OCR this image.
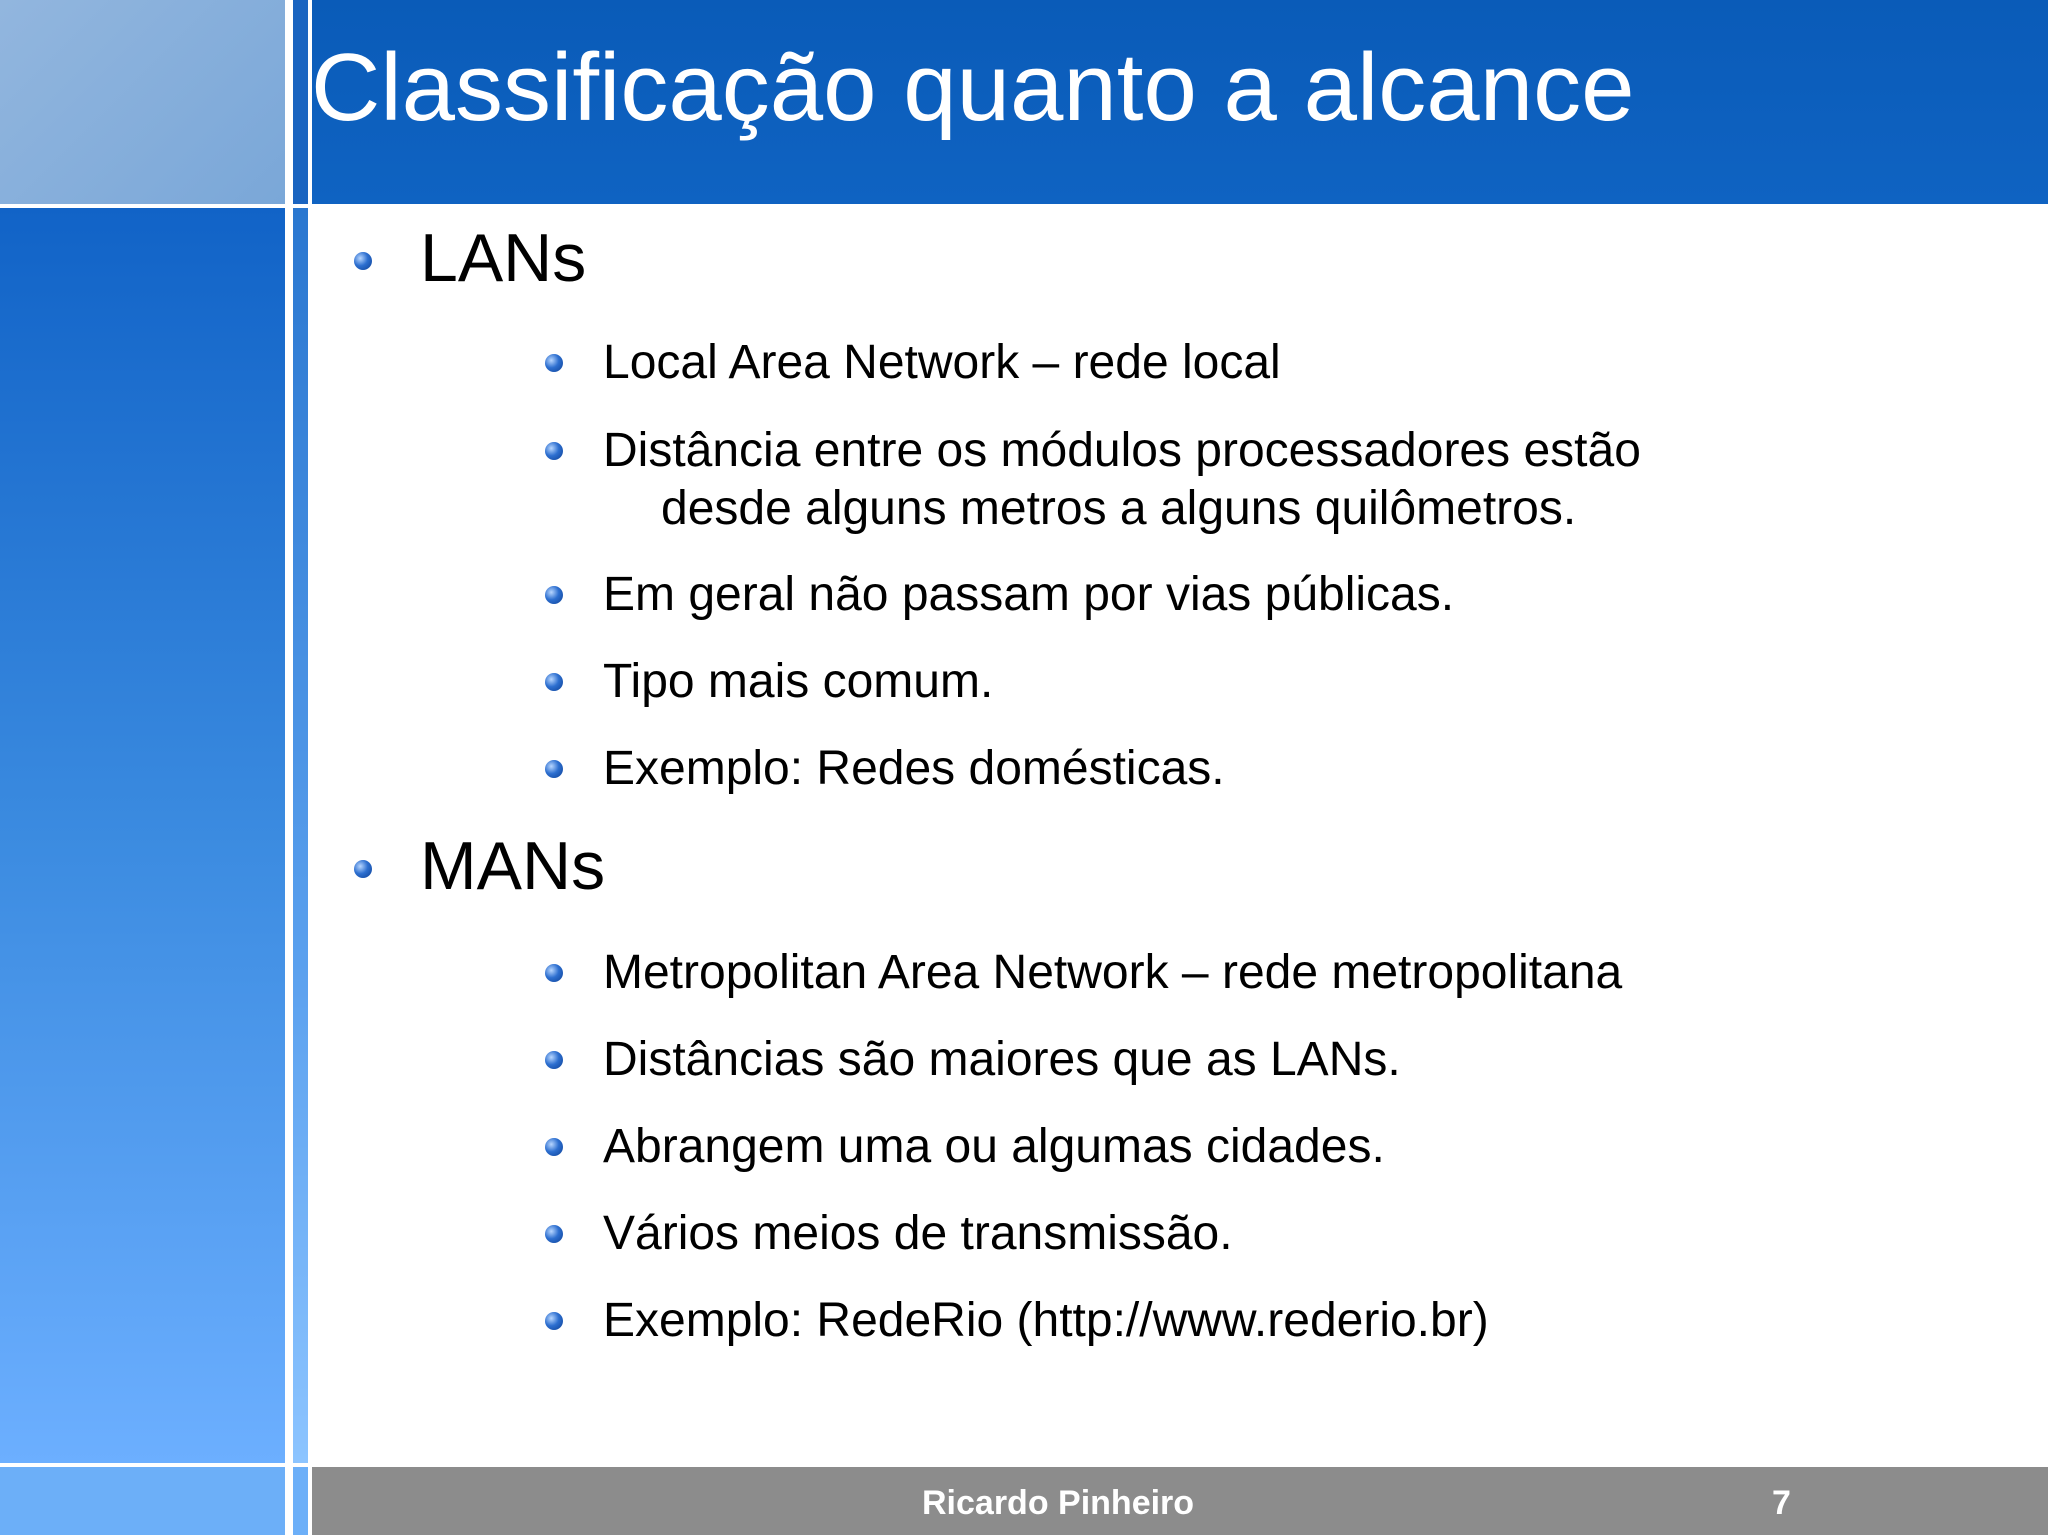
Classificação quanto a alcance
LANs
Local Area Network – rede local
Distância entre os módulos processadores estão
desde alguns metros a alguns quilômetros.
Em geral não passam por vias públicas.
Tipo mais comum.
Exemplo: Redes domésticas.
MANs
Metropolitan Area Network – rede metropolitana
Distâncias são maiores que as LANs.
Abrangem uma ou algumas cidades.
Vários meios de transmissão.
Exemplo: RedeRio (http://www.rederio.br)
Ricardo Pinheiro	7
